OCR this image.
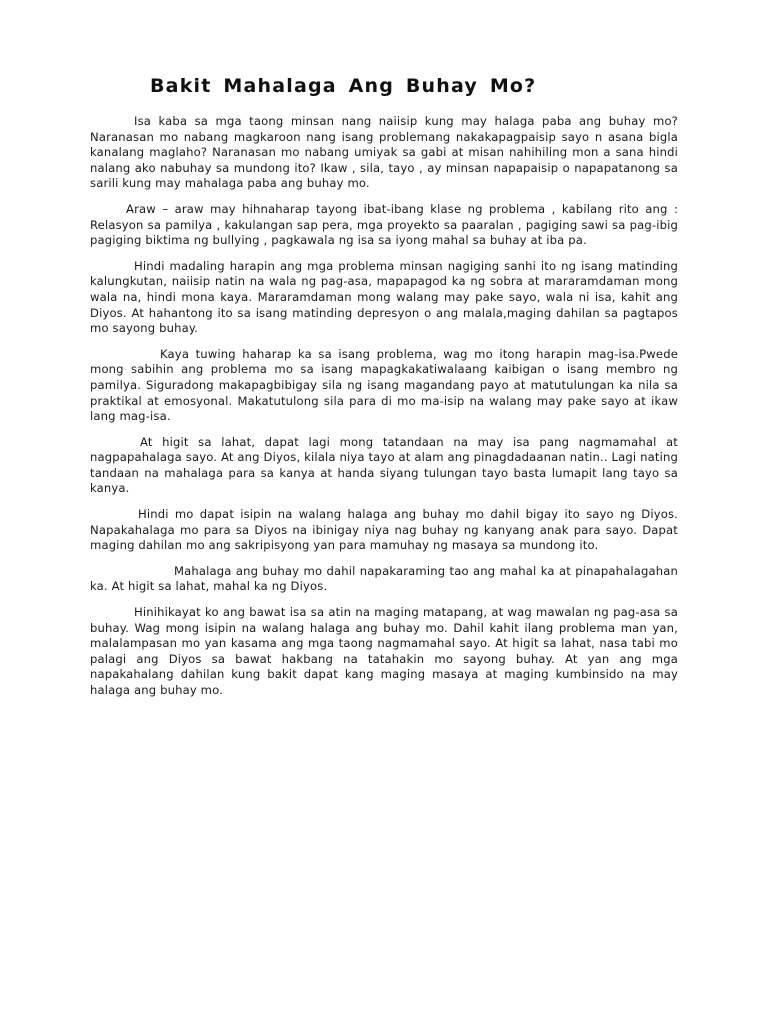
Bakit Mahalaga Ang Buhay Mo?

Isa kaba sa mga taong minsan nang naiisip kung may halaga paba ang buhay mo? Naranasan mo nabang magkaroon nang isang problemang nakakapagpaisip sayo n asana bigla kanalang maglaho? Naranasan mo nabang umiyak sa gabi at misan nahihiling mon a sana hindi nalang ako nabuhay sa mundong ito? Ikaw , sila, tayo , ay minsan napapaisip o napapatanong sa sarili kung may mahalaga paba ang buhay mo.

Araw – araw may hihnaharap tayong ibat-ibang klase ng problema , kabilang rito ang : Relasyon sa pamilya , kakulangan sap pera, mga proyekto sa paaralan , pagiging sawi sa pag-ibig pagiging biktima ng bullying , pagkawala ng isa sa iyong mahal sa buhay at iba pa.

Hindi madaling harapin ang mga problema minsan nagiging sanhi ito ng isang matinding kalungkutan, naiisip natin na wala ng pag-asa, mapapagod ka ng sobra at mararamdaman mong wala na, hindi mona kaya. Mararamdaman mong walang may pake sayo, wala ni isa, kahit ang Diyos. At hahantong ito sa isang matinding depresyon o ang malala,maging dahilan sa pagtapos mo sayong buhay.

Kaya tuwing haharap ka sa isang problema, wag mo itong harapin mag-isa.Pwede mong sabihin ang problema mo sa isang mapagkakatiwalaang kaibigan o isang membro ng pamilya. Siguradong makapagbibigay sila ng isang magandang payo at matutulungan ka nila sa praktikal at emosyonal. Makatutulong sila para di mo ma-isip na walang may pake sayo at ikaw lang mag-isa.

At higit sa lahat, dapat lagi mong tatandaan na may isa pang nagmamahal at nagpapahalaga sayo. At ang Diyos, kilala niya tayo at alam ang pinagdadaanan natin.. Lagi nating tandaan na mahalaga para sa kanya at handa siyang tulungan tayo basta lumapit lang tayo sa kanya.

Hindi mo dapat isipin na walang halaga ang buhay mo dahil bigay ito sayo ng Diyos. Napakahalaga mo para sa Diyos na ibinigay niya nag buhay ng kanyang anak para sayo. Dapat maging dahilan mo ang sakripisyong yan para mamuhay ng masaya sa mundong ito.

Mahalaga ang buhay mo dahil napakaraming tao ang mahal ka at pinapahalagahan ka. At higit sa lahat, mahal ka ng Diyos.

Hinihikayat ko ang bawat isa sa atin na maging matapang, at wag mawalan ng pag-asa sa buhay. Wag mong isipin na walang halaga ang buhay mo. Dahil kahit ilang problema man yan, malalampasan mo yan kasama ang mga taong nagmamahal sayo. At higit sa lahat, nasa tabi mo palagi ang Diyos sa bawat hakbang na tatahakin mo sayong buhay. At yan ang mga napakahalang dahilan kung bakit dapat kang maging masaya at maging kumbinsido na may halaga ang buhay mo.
